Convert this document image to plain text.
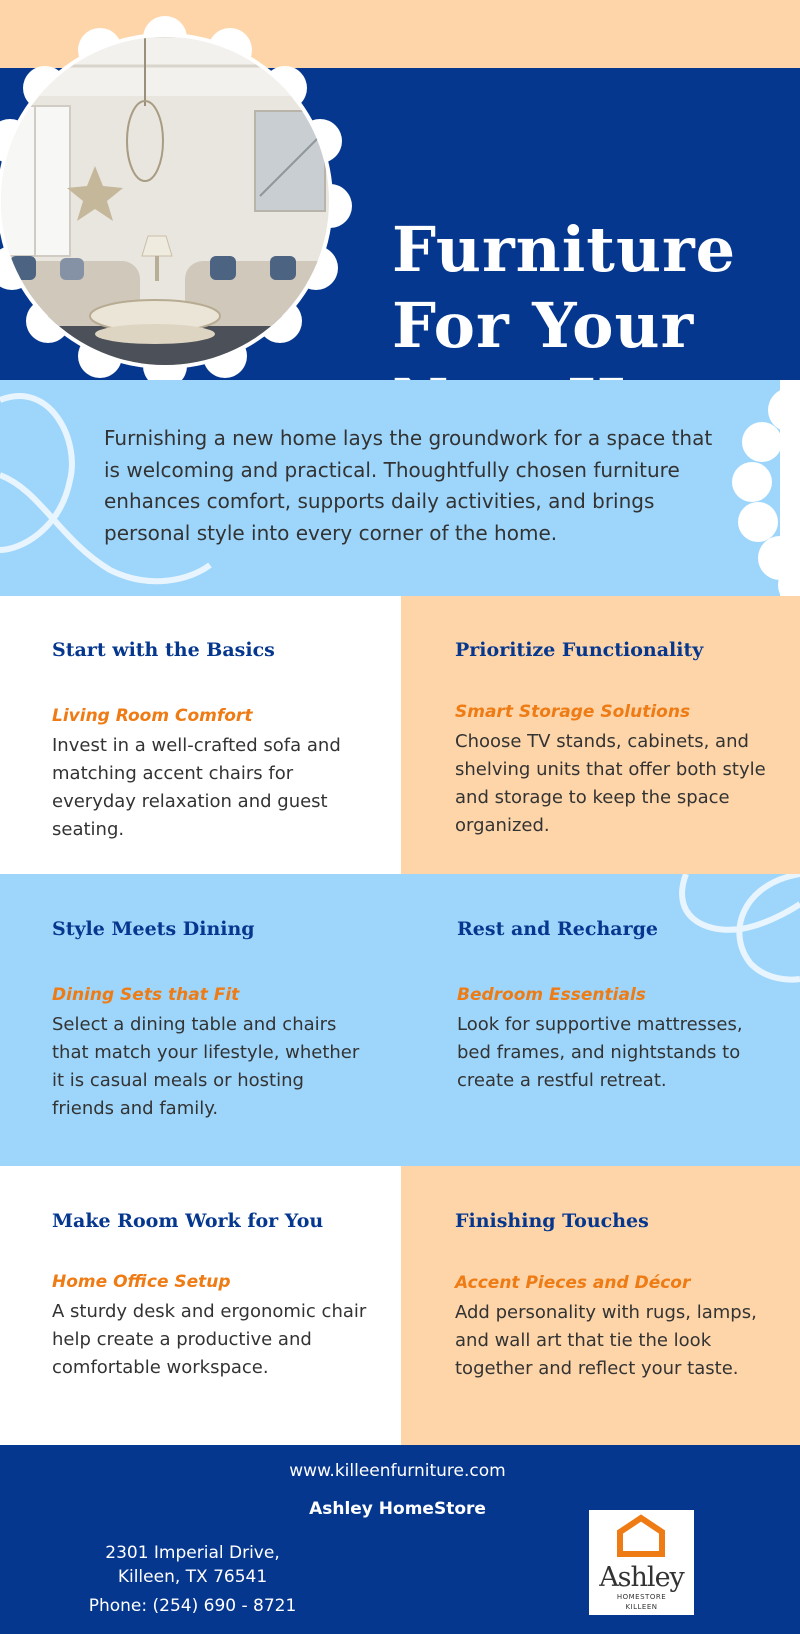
Furniture
For Your

Furnishing a new home lays the groundwork for a space that is welcoming and practical. Thoughtfully chosen furniture enhances comfort, supports daily activities, and brings personal style into every corner of the home.

Start with the Basics
Living Room Comfort

Invest in a well-crafted sofa and matching accent chairs for everyday relaxation and guest seating.

Prioritize Functionality
Smart Storage Solutions

Choose TV stands, cabinets, and shelving units that offer both style and storage to keep the space organized.

Style Meets Dining
Dining Sets that Fit

Select a dining table and chairs that match your lifestyle, whether it is casual meals or hosting friends and family.

Rest and Recharge
Bedroom Essentials

Look for supportive mattresses, bed frames, and nightstands to create a restful retreat.

Make Room Work for You
Home Office Setup

A sturdy desk and ergonomic chair help create a productive and comfortable workspace.

Finishing Touches
Accent Pieces and Décor

Add personality with rugs, lamps, and wall art that tie the look together and reflect your taste.

www.killeenfurniture.com
Ashley HomeStore
2301 Imperial Drive,
Killeen, TX 76541
Phone: (254) 690 - 8721
Ashley
HOMESTORE
KILLEEN
